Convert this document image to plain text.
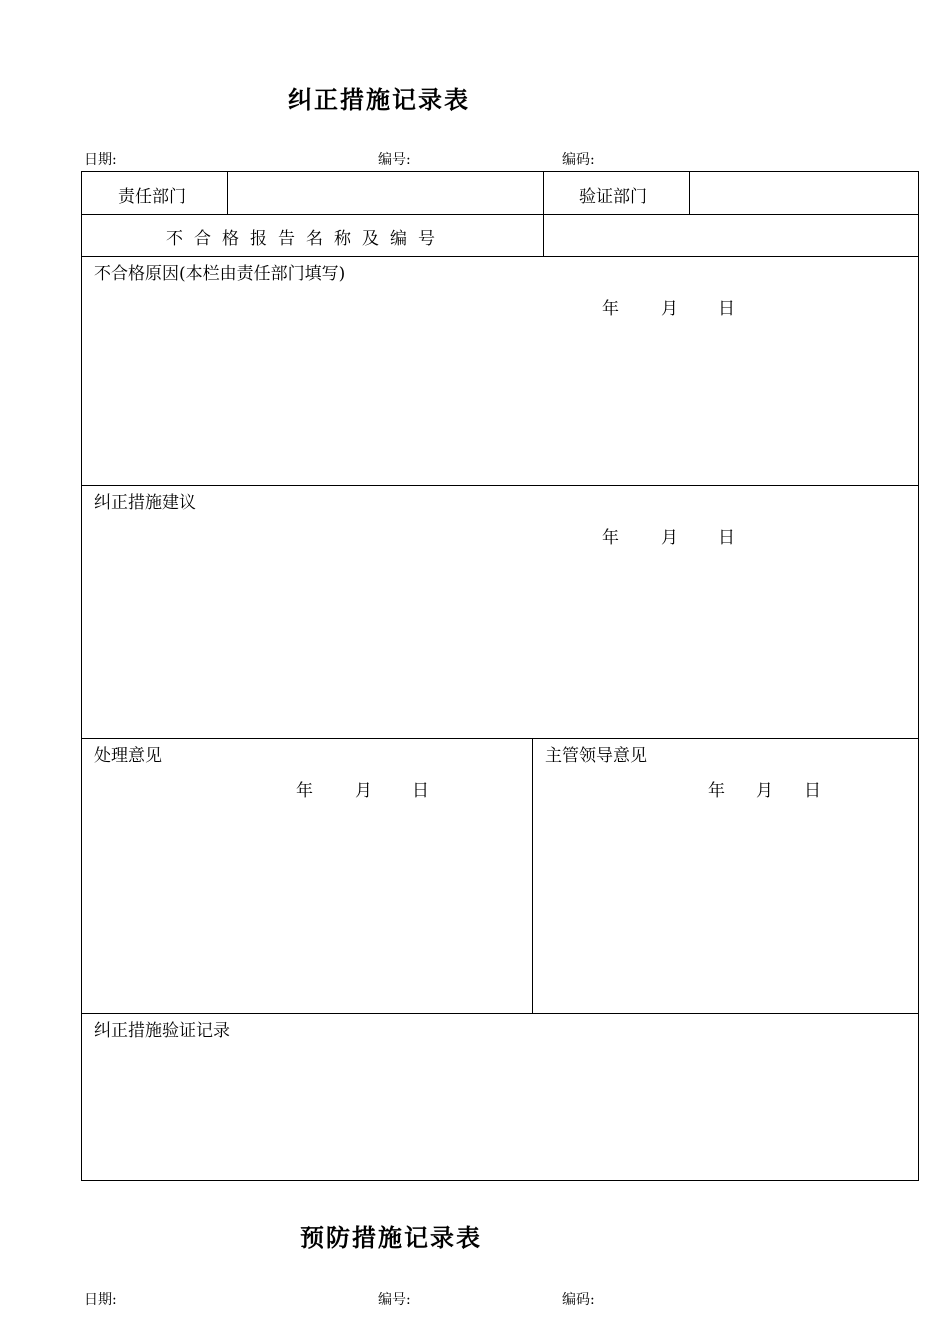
纠正措施记录表
日期:	编号:	编码:
责任部门	验证部门
不合格报告名称及编号
不合格原因(本栏由责任部门填写)
年 月 日
纠正措施建议
年 月 日
处理意见
年 月 日
主管领导意见
年 月 日
纠正措施验证记录
预防措施记录表
日期:	编号:	编码:
